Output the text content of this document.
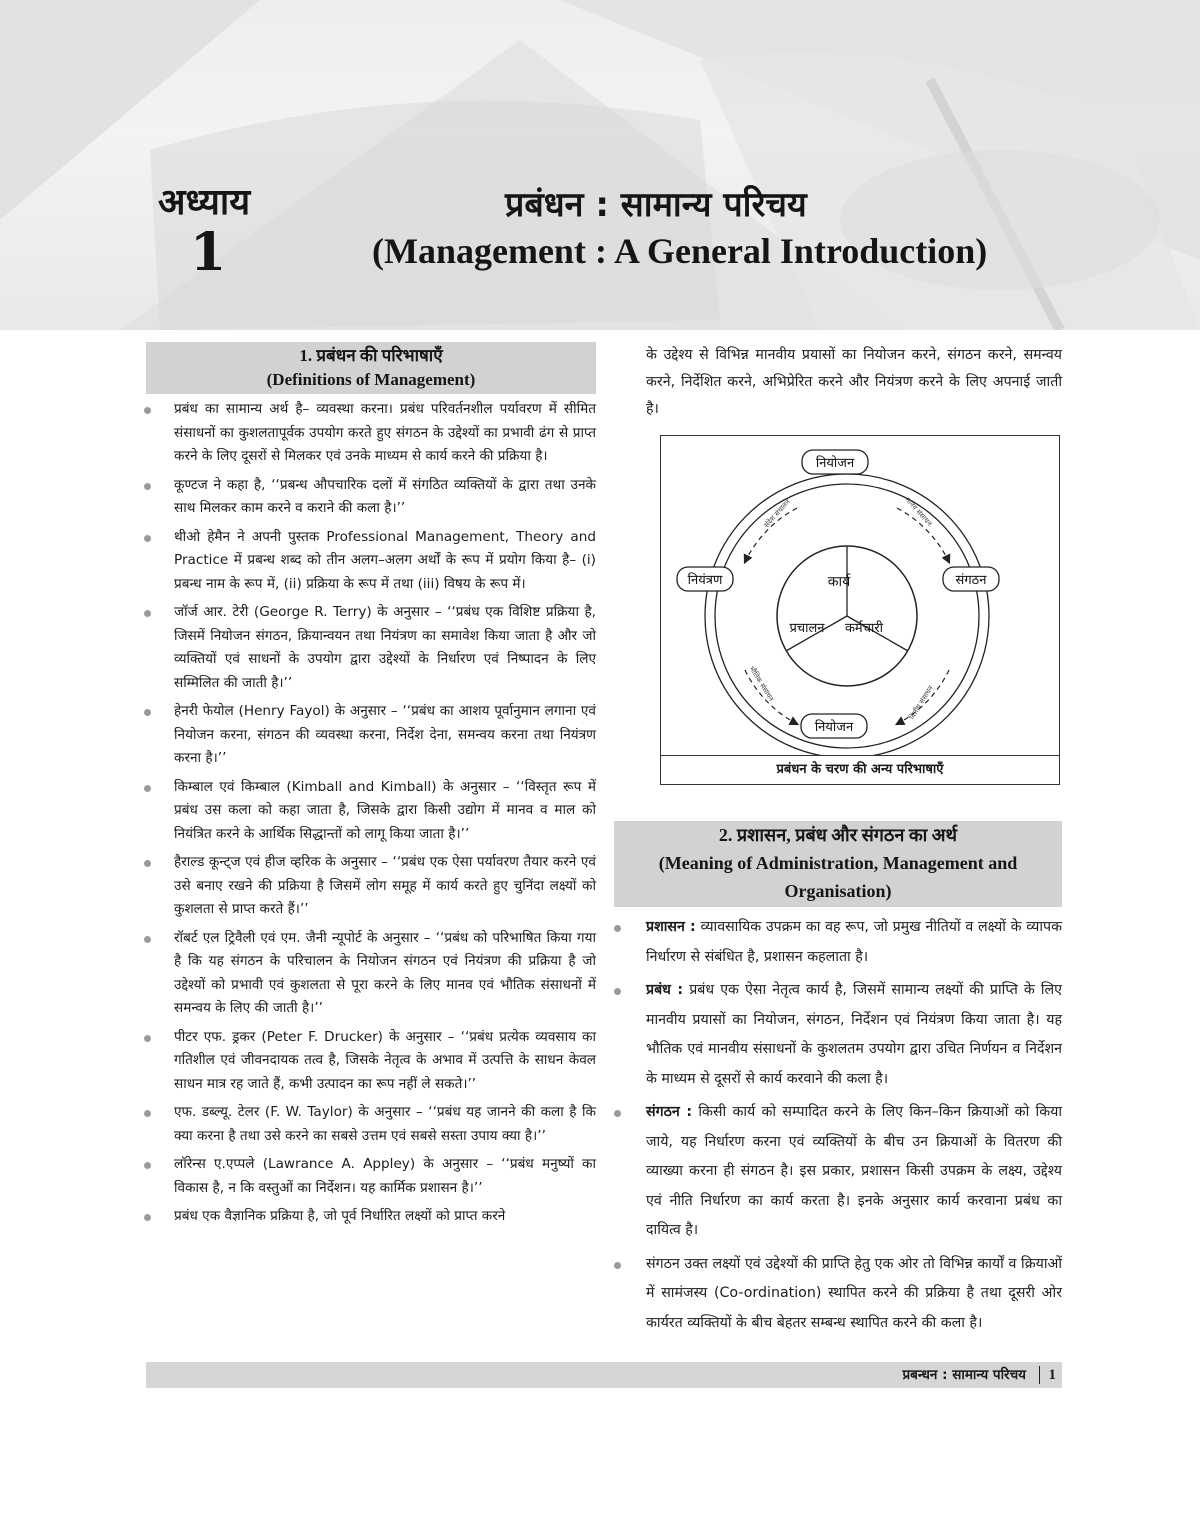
अध्याय
1
प्रबंधन : सामान्य परिचय
(Management : A General Introduction)
1. प्रबंधन की परिभाषाएँ
(Definitions of Management)
प्रबंध का सामान्य अर्थ है– व्यवस्था करना। प्रबंध परिवर्तनशील पर्यावरण में सीमित संसाधनों का कुशलतापूर्वक उपयोग करते हुए संगठन के उद्देश्यों का प्रभावी ढंग से प्राप्त करने के लिए दूसरों से मिलकर एवं उनके माध्यम से कार्य करने की प्रक्रिया है।
कूण्टज ने कहा है, ‘‘प्रबन्ध औपचारिक दलों में संगठित व्यक्तियों के द्वारा तथा उनके साथ मिलकर काम करने व कराने की कला है।’’
थीओ हेमैन ने अपनी पुस्तक Professional Management, Theory and Practice में प्रबन्ध शब्द को तीन अलग–अलग अर्थों के रूप में प्रयोग किया है– (i) प्रबन्ध नाम के रूप में, (ii) प्रक्रिया के रूप में तथा (iii) विषय के रूप में।
जॉर्ज आर. टेरी (George R. Terry) के अनुसार – ‘‘प्रबंध एक विशिष्ट प्रक्रिया है, जिसमें नियोजन संगठन, क्रियान्वयन तथा नियंत्रण का समावेश किया जाता है और जो व्यक्तियों एवं साधनों के उपयोग द्वारा उद्देश्यों के निर्धारण एवं निष्पादन के लिए सम्मिलित की जाती है।’’
हेनरी फेयोल (Henry Fayol) के अनुसार – ‘‘प्रबंध का आशय पूर्वानुमान लगाना एवं नियोजन करना, संगठन की व्यवस्था करना, निर्देश देना, समन्वय करना तथा नियंत्रण करना है।’’
किम्बाल एवं किम्बाल (Kimball and Kimball) के अनुसार – ‘‘विस्तृत रूप में प्रबंध उस कला को कहा जाता है, जिसके द्वारा किसी उद्योग में मानव व माल को नियंत्रित करने के आर्थिक सिद्धान्तों को लागू किया जाता है।’’
हैराल्ड कून्ट्ज एवं हीज व्हरिक के अनुसार – ‘‘प्रबंध एक ऐसा पर्यावरण तैयार करने एवं उसे बनाए रखने की प्रक्रिया है जिसमें लोग समूह में कार्य करते हुए चुनिंदा लक्ष्यों को कुशलता से प्राप्त करते हैं।’’
रॉबर्ट एल ट्रिवैली एवं एम. जैनी न्यूपोर्ट के अनुसार – ‘‘प्रबंध को परिभाषित किया गया है कि यह संगठन के परिचालन के नियोजन संगठन एवं नियंत्रण की प्रक्रिया है जो उद्देश्यों को प्रभावी एवं कुशलता से पूरा करने के लिए मानव एवं भौतिक संसाधनों में समन्वय के लिए की जाती है।’’
पीटर एफ. ड्रकर (Peter F. Drucker) के अनुसार – ‘‘प्रबंध प्रत्येक व्यवसाय का गतिशील एवं जीवनदायक तत्व है, जिसके नेतृत्व के अभाव में उत्पत्ति के साधन केवल साधन मात्र रह जाते हैं, कभी उत्पादन का रूप नहीं ले सकते।’’
एफ. डब्ल्यू. टेलर (F. W. Taylor) के अनुसार – ‘‘प्रबंध यह जानने की कला है कि क्या करना है तथा उसे करने का सबसे उत्तम एवं सबसे सस्ता उपाय क्या है।’’
लॉरेन्स ए.एप्पले (Lawrance A. Appley) के अनुसार – ‘‘प्रबंध मनुष्यों का विकास है, न कि वस्तुओं का निर्देशन। यह कार्मिक प्रशासन है।’’
प्रबंध एक वैज्ञानिक प्रक्रिया है, जो पूर्व निर्धारित लक्ष्यों को प्राप्त करने

के उद्देश्य से विभिन्न मानवीय प्रयासों का नियोजन करने, संगठन करने, समन्वय करने, निर्देशित करने, अभिप्रेरित करने और नियंत्रण करने के लिए अपनाई जाती है।

नियोजन
नियंत्रण	संगठन
नियोजन
कार्य
प्रचालन कर्मचारी
संदेश संचालन	मानव संसाधन
भौतिक संसाधन
वित्तीय संसाधन
प्रबंधन के चरण की अन्य परिभाषाएँ
2. प्रशासन, प्रबंध और संगठन का अर्थ
(Meaning of Administration, Management and
Organisation)
प्रशासन : व्यावसायिक उपक्रम का वह रूप, जो प्रमुख नीतियों व लक्ष्यों के व्यापक निर्धारण से संबंधित है, प्रशासन कहलाता है।
प्रबंध : प्रबंध एक ऐसा नेतृत्व कार्य है, जिसमें सामान्य लक्ष्यों की प्राप्ति के लिए मानवीय प्रयासों का नियोजन, संगठन, निर्देशन एवं नियंत्रण किया जाता है। यह भौतिक एवं मानवीय संसाधनों के कुशलतम उपयोग द्वारा उचित निर्णयन व निर्देशन के माध्यम से दूसरों से कार्य करवाने की कला है।
संगठन : किसी कार्य को सम्पादित करने के लिए किन–किन क्रियाओं को किया जाये, यह निर्धारण करना एवं व्यक्तियों के बीच उन क्रियाओं के वितरण की व्याख्या करना ही संगठन है। इस प्रकार, प्रशासन किसी उपक्रम के लक्ष्य, उद्देश्य एवं नीति निर्धारण का कार्य करता है। इनके अनुसार कार्य करवाना प्रबंध का दायित्व है।
संगठन उक्त लक्ष्यों एवं उद्देश्यों की प्राप्ति हेतु एक ओर तो विभिन्न कार्यों व क्रियाओं में सामंजस्य (Co-ordination) स्थापित करने की प्रक्रिया है तथा दूसरी ओर कार्यरत व्यक्तियों के बीच बेहतर सम्बन्ध स्थापित करने की कला है।
प्रबन्धन : सामान्य परिचय 1
